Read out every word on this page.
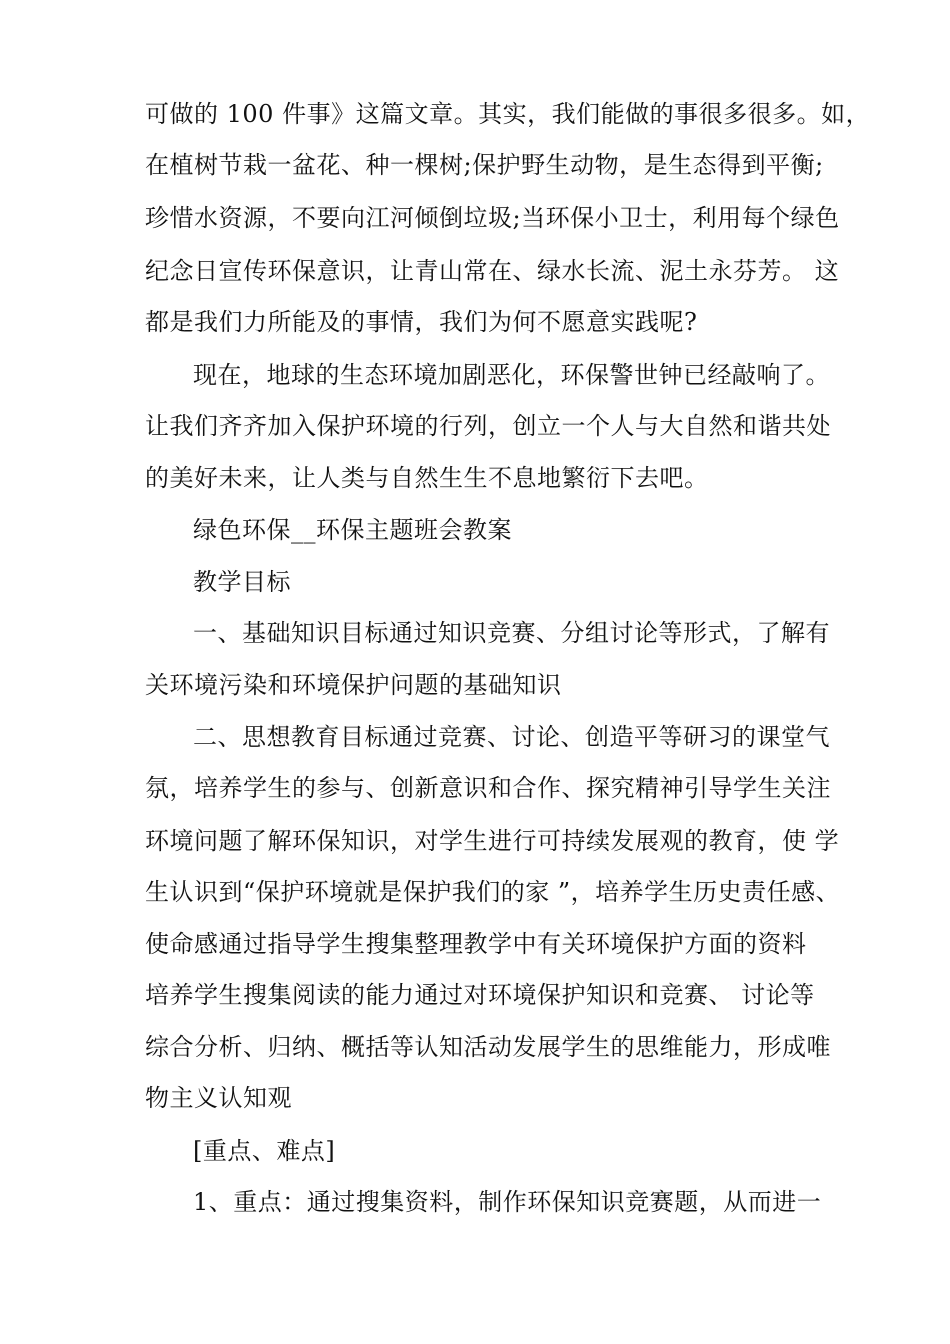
可做的 100 件事》这篇文章。其实，我们能做的事很多很多。如，
在植树节栽一盆花、种一棵树;保护野生动物，是生态得到平衡;
珍惜水资源，不要向江河倾倒垃圾;当环保小卫士，利用每个绿色
纪念日宣传环保意识，让青山常在、绿水长流、泥土永芬芳。 这
都是我们力所能及的事情，我们为何不愿意实践呢?
现在，地球的生态环境加剧恶化，环保警世钟已经敲响了。
让我们齐齐加入保护环境的行列，创立一个人与大自然和谐共处
的美好未来，让人类与自然生生不息地繁衍下去吧。
绿色环保__环保主题班会教案
教学目标
一、基础知识目标通过知识竞赛、分组讨论等形式，了解有
关环境污染和环境保护问题的基础知识
二、思想教育目标通过竞赛、讨论、创造平等研习的课堂气
氛，培养学生的参与、创新意识和合作、探究精神引导学生关注
环境问题了解环保知识，对学生进行可持续发展观的教育，使 学
生认识到“保护环境就是保护我们的家 ”，培养学生历史责任感、
使命感通过指导学生搜集整理教学中有关环境保护方面的资料
培养学生搜集阅读的能力通过对环境保护知识和竞赛、 讨论等
综合分析、归纳、概括等认知活动发展学生的思维能力，形成唯
物主义认知观
[重点、难点]
1、重点：通过搜集资料，制作环保知识竞赛题，从而进一
